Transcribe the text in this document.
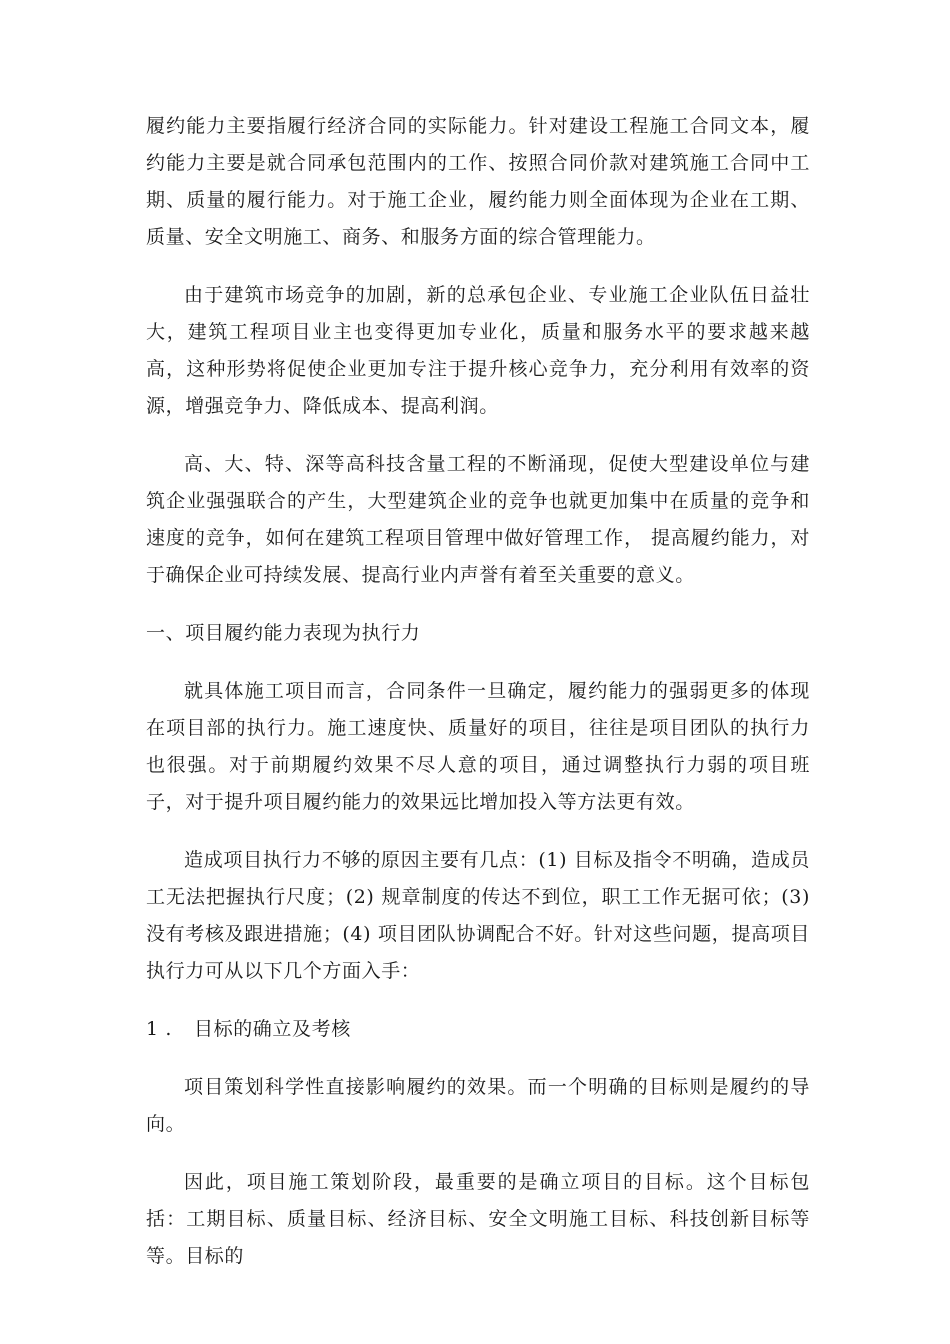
履约能力主要指履行经济合同的实际能力。针对建设工程施工合同文本，履约能力主要是就合同承包范围内的工作、按照合同价款对建筑施工合同中工期、质量的履行能力。对于施工企业，履约能力则全面体现为企业在工期、质量、安全文明施工、商务、和服务方面的综合管理能力。

由于建筑市场竞争的加剧，新的总承包企业、专业施工企业队伍日益壮大，建筑工程项目业主也变得更加专业化，质量和服务水平的要求越来越高，这种形势将促使企业更加专注于提升核心竞争力，充分利用有效率的资源，增强竞争力、降低成本、提高利润。

高、大、特、深等高科技含量工程的不断涌现，促使大型建设单位与建筑企业强强联合的产生，大型建筑企业的竞争也就更加集中在质量的竞争和速度的竞争，如何在建筑工程项目管理中做好管理工作， 提高履约能力，对于确保企业可持续发展、提高行业内声誉有着至关重要的意义。

一、项目履约能力表现为执行力

就具体施工项目而言，合同条件一旦确定，履约能力的强弱更多的体现在项目部的执行力。施工速度快、质量好的项目，往往是项目团队的执行力也很强。对于前期履约效果不尽人意的项目，通过调整执行力弱的项目班子，对于提升项目履约能力的效果远比增加投入等方法更有效。

造成项目执行力不够的原因主要有几点：(1) 目标及指令不明确，造成员工无法把握执行尺度；(2) 规章制度的传达不到位，职工工作无据可依；(3) 没有考核及跟进措施；(4) 项目团队协调配合不好。针对这些问题，提高项目执行力可从以下几个方面入手：

1 . 目标的确立及考核

项目策划科学性直接影响履约的效果。而一个明确的目标则是履约的导向。

因此，项目施工策划阶段，最重要的是确立项目的目标。这个目标包括：工期目标、质量目标、经济目标、安全文明施工目标、科技创新目标等等。目标的
